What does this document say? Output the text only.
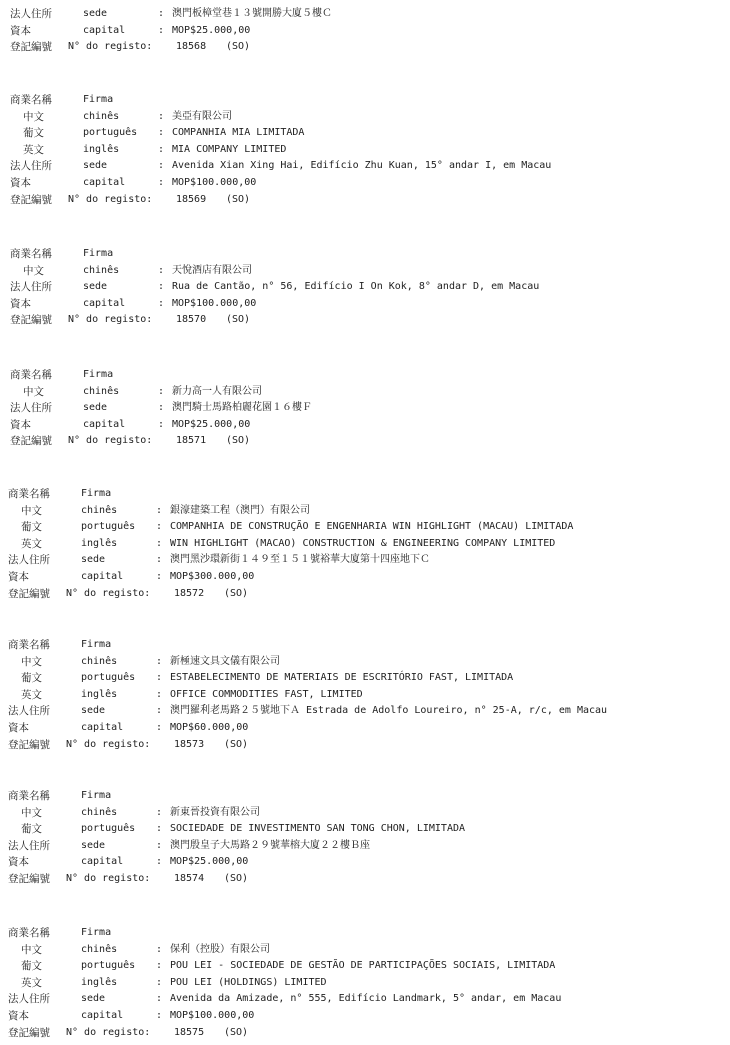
法人住所	sede	: 澳門板樟堂巷１３號開勝大廈５樓Ｃ
資本	capital	: MOP$25.000,00
登記編號 N° do registo: 18568 (SO)
商業名稱	Firma
中文	chinês	: 美亞有限公司
葡文	português : COMPANHIA MIA LIMITADA
英文	inglês	: MIA COMPANY LIMITED
法人住所	sede	: Avenida Xian Xing Hai, Edifício Zhu Kuan, 15° andar I, em Macau
資本	capital	: MOP$100.000,00
登記編號 N° do registo: 18569 (SO)
商業名稱	Firma
中文	chinês	: 天悅酒店有限公司
法人住所	sede	: Rua de Cantão, n° 56, Edifício I On Kok, 8° andar D, em Macau
資本	capital	: MOP$100.000,00
登記編號 N° do registo: 18570 (SO)
商業名稱	Firma
中文	chinês	: 新力高一人有限公司
法人住所	sede	: 澳門騎士馬路柏麗花園１６樓Ｆ
資本	capital	: MOP$25.000,00
登記編號 N° do registo: 18571 (SO)
商業名稱	Firma
中文	chinês	: 銀濠建築工程（澳門）有限公司
葡文	português : COMPANHIA DE CONSTRUÇÃO E ENGENHARIA WIN HIGHLIGHT (MACAU) LIMITADA
英文	inglês	: WIN HIGHLIGHT (MACAO) CONSTRUCTION & ENGINEERING COMPANY LIMITED
法人住所	sede	: 澳門黑沙環新街１４９至１５１號裕華大廈第十四座地下Ｃ
資本	capital	: MOP$300.000,00
登記編號 N° do registo: 18572 (SO)
商業名稱	Firma
中文	chinês	: 新極速文具文儀有限公司
葡文	português : ESTABELECIMENTO DE MATERIAIS DE ESCRITÓRIO FAST, LIMITADA
英文	inglês	: OFFICE COMMODITIES FAST, LIMITED
法人住所	sede	: 澳門羅利老馬路２５號地下Ａ Estrada de Adolfo Loureiro, n° 25-A, r/c, em Macau
資本	capital	: MOP$60.000,00
登記編號 N° do registo: 18573 (SO)
商業名稱	Firma
中文	chinês	: 新東晉投資有限公司
葡文	português : SOCIEDADE DE INVESTIMENTO SAN TONG CHON, LIMITADA
法人住所	sede	: 澳門殷皇子大馬路２９號華榕大廈２２樓Ｂ座
資本	capital	: MOP$25.000,00
登記編號 N° do registo: 18574 (SO)
商業名稱	Firma
中文	chinês	: 保利（控股）有限公司
葡文	português : POU LEI - SOCIEDADE DE GESTÃO DE PARTICIPAÇÕES SOCIAIS, LIMITADA
英文	inglês	: POU LEI (HOLDINGS) LIMITED
法人住所	sede	: Avenida da Amizade, n° 555, Edifício Landmark, 5° andar, em Macau
資本	capital	: MOP$100.000,00
登記編號 N° do registo: 18575 (SO)
